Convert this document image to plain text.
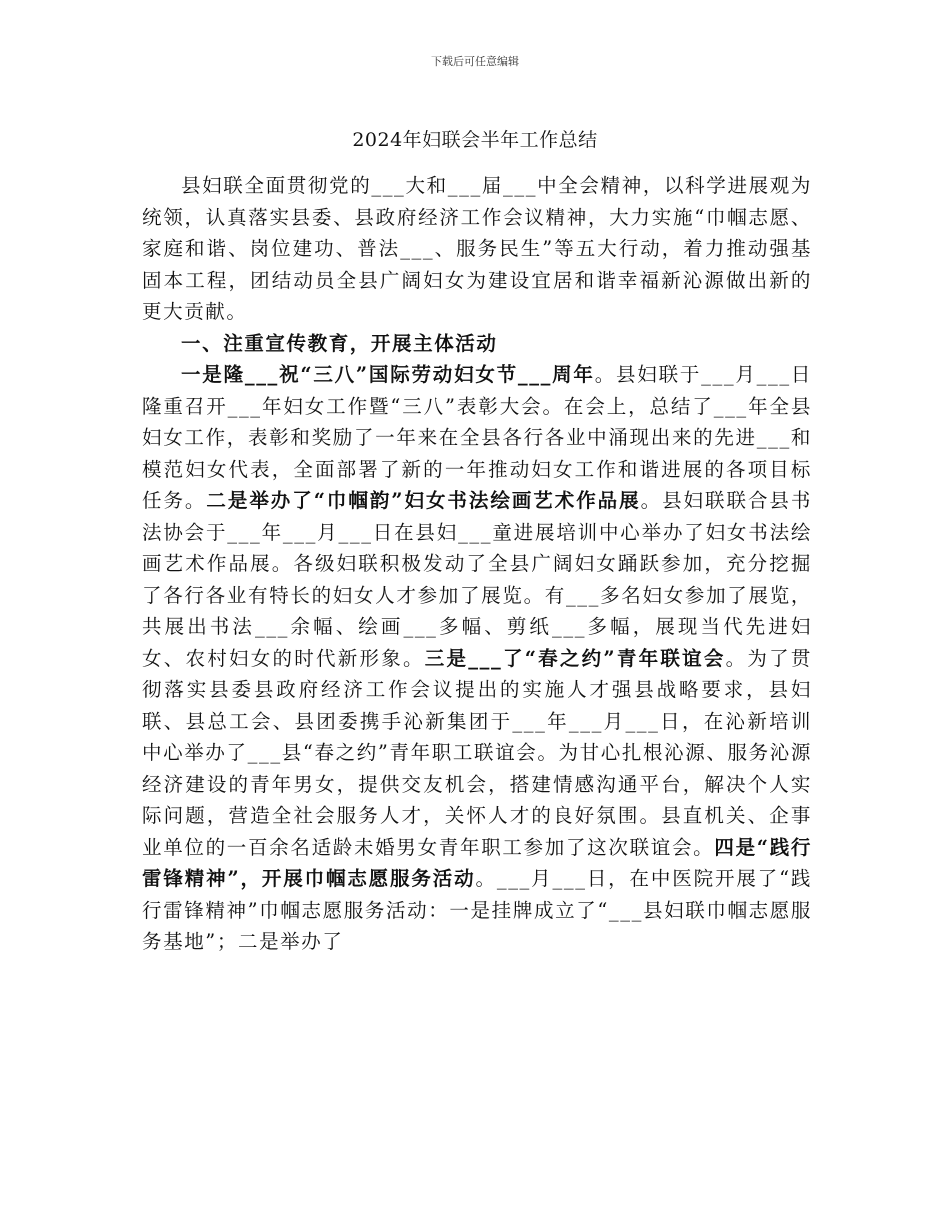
下载后可任意编辑
2024年妇联会半年工作总结

县妇联全面贯彻党的___大和___届___中全会精神，以科学进展观为统领，认真落实县委、县政府经济工作会议精神，大力实施“巾帼志愿、家庭和谐、岗位建功、普法___、服务民生”等五大行动，着力推动强基固本工程，团结动员全县广阔妇女为建设宜居和谐幸福新沁源做出新的更大贡献。

一、注重宣传教育，开展主体活动

一是隆___祝“三八”国际劳动妇女节___周年。县妇联于___月___日隆重召开___年妇女工作暨“三八”表彰大会。在会上，总结了___年全县妇女工作，表彰和奖励了一年来在全县各行各业中涌现出来的先进___和模范妇女代表，全面部署了新的一年推动妇女工作和谐进展的各项目标任务。二是举办了“巾帼韵”妇女书法绘画艺术作品展。县妇联联合县书法协会于___年___月___日在县妇___童进展培训中心举办了妇女书法绘画艺术作品展。各级妇联积极发动了全县广阔妇女踊跃参加，充分挖掘了各行各业有特长的妇女人才参加了展览。有___多名妇女参加了展览，共展出书法___余幅、绘画___多幅、剪纸___多幅，展现当代先进妇女、农村妇女的时代新形象。三是___了“春之约”青年联谊会。为了贯彻落实县委县政府经济工作会议提出的实施人才强县战略要求，县妇联、县总工会、县团委携手沁新集团于___年___月___日，在沁新培训中心举办了___县“春之约”青年职工联谊会。为甘心扎根沁源、服务沁源经济建设的青年男女，提供交友机会，搭建情感沟通平台，解决个人实际问题，营造全社会服务人才，关怀人才的良好氛围。县直机关、企事业单位的一百余名适龄未婚男女青年职工参加了这次联谊会。四是“践行雷锋精神”，开展巾帼志愿服务活动。___月___日，在中医院开展了“践行雷锋精神”巾帼志愿服务活动：一是挂牌成立了“___县妇联巾帼志愿服务基地”；二是举办了
